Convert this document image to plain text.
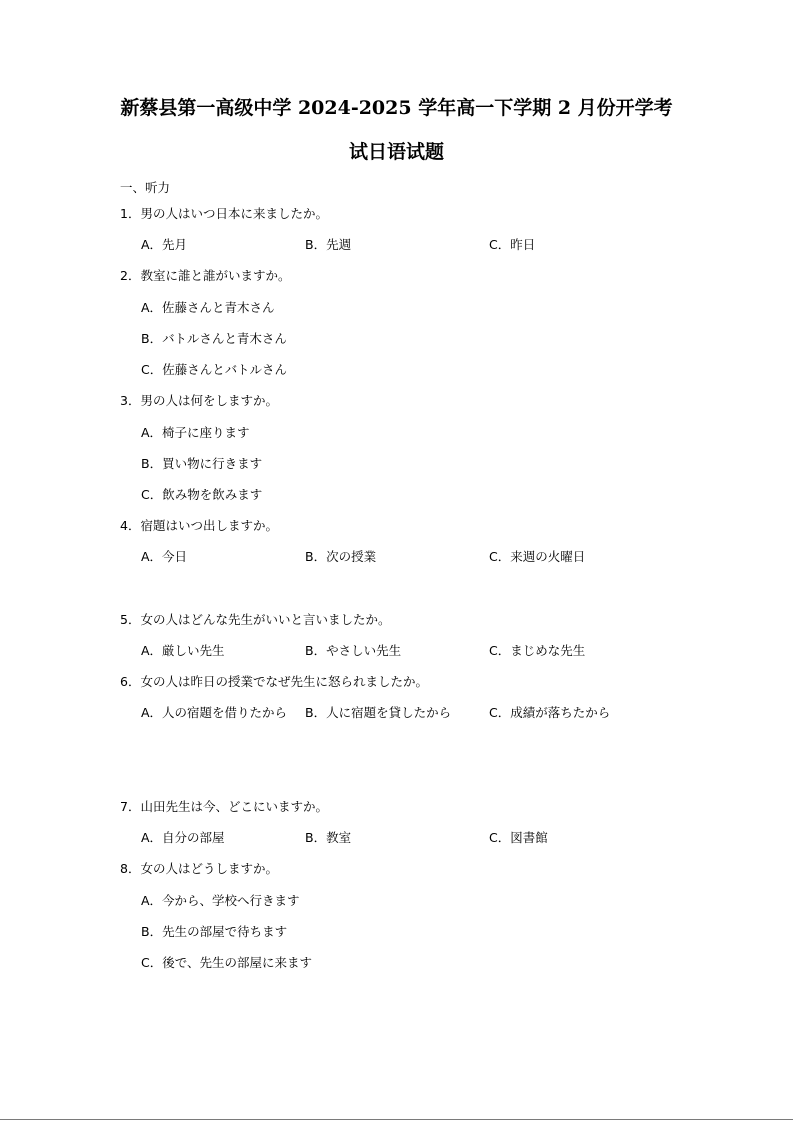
新蔡县第一高级中学 2024-2025 学年高一下学期 2 月份开学考
试日语试题
一、听力
1．男の人はいつ日本に来ましたか。
A．先月	B．先週	C．昨日
2．教室に誰と誰がいますか。
A．佐藤さんと青木さん
B．バトルさんと青木さん
C．佐藤さんとバトルさん
3．男の人は何をしますか。
A．椅子に座ります
B．買い物に行きます
C．飲み物を飲みます
4．宿題はいつ出しますか。
A．今日	B．次の授業	C．来週の火曜日
5．女の人はどんな先生がいいと言いましたか。
A．厳しい先生	B．やさしい先生	C．まじめな先生
6．女の人は昨日の授業でなぜ先生に怒られましたか。
A．人の宿題を借りたから B．人に宿題を貸したから	C．成績が落ちたから
7．山田先生は今、どこにいますか。
A．自分の部屋	B．教室	C．図書館
8．女の人はどうしますか。
A．今から、学校へ行きます
B．先生の部屋で待ちます
C．後で、先生の部屋に来ます
